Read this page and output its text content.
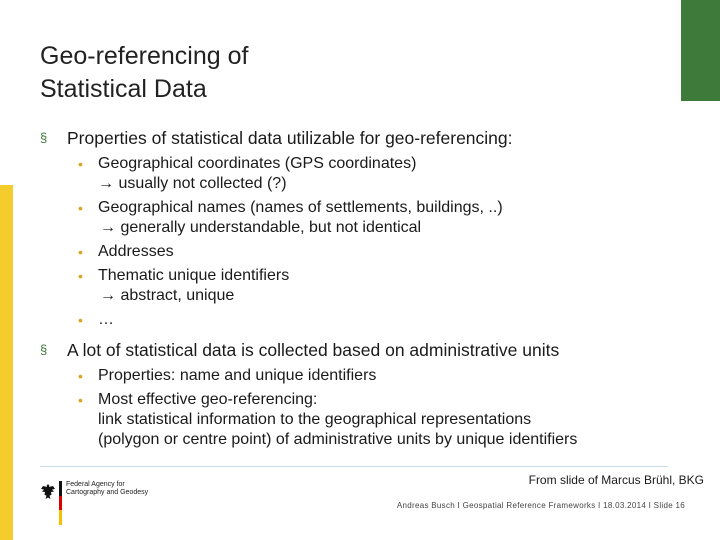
Geo-referencing of
Statistical Data
§ Properties of statistical data utilizable for geo-referencing:
• Geographical coordinates (GPS coordinates)
→ usually not collected (?)
• Geographical names (names of settlements, buildings, ..)
→ generally understandable, but not identical
• Addresses
• Thematic unique identifiers
→ abstract, unique
• …
§ A lot of statistical data is collected based on administrative units
• Properties: name and unique identifiers
• Most effective geo-referencing:
link statistical information to the geographical representations
(polygon or centre point) of administrative units by unique identifiers
From slide of Marcus Brühl, BKG
Federal Agency for
Cartography and Geodesy
Andreas Busch I Geospatial Reference Frameworks I 18.03.2014 I Slide 16
